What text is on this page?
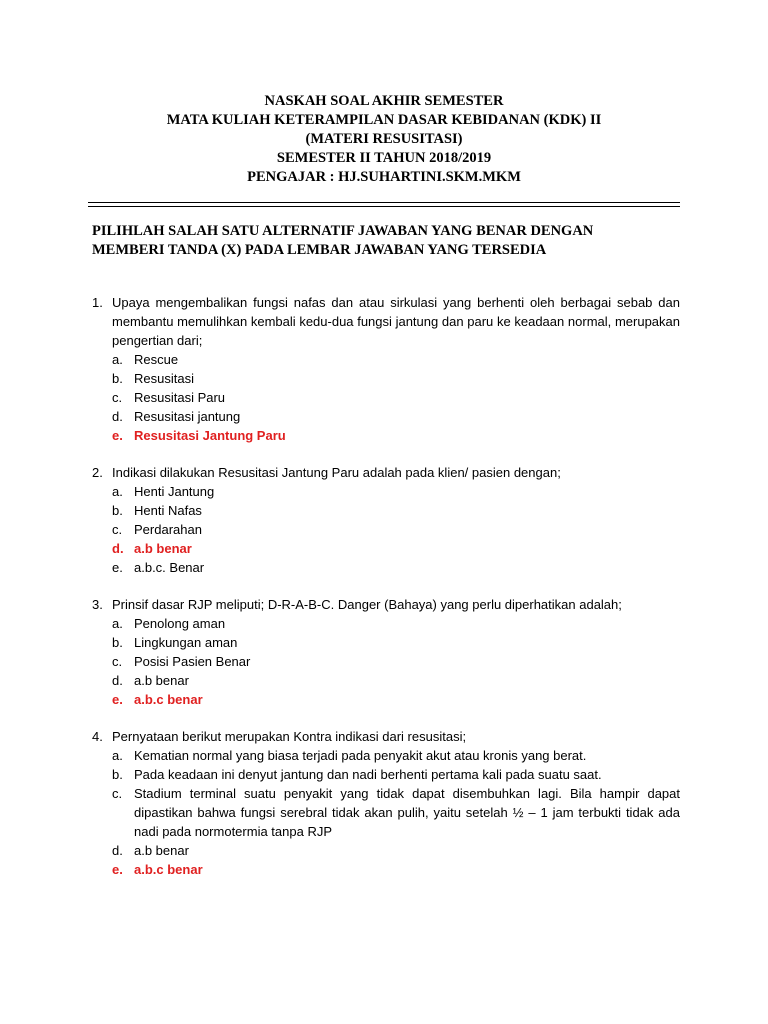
NASKAH SOAL AKHIR SEMESTER
MATA KULIAH KETERAMPILAN DASAR KEBIDANAN (KDK) II
(MATERI RESUSITASI)
SEMESTER II TAHUN 2018/2019
PENGAJAR : HJ.SUHARTINI.SKM.MKM
PILIHLAH SALAH SATU ALTERNATIF JAWABAN YANG BENAR DENGAN
MEMBERI TANDA (X) PADA LEMBAR JAWABAN YANG TERSEDIA
1. Upaya mengembalikan fungsi nafas dan atau sirkulasi yang berhenti oleh berbagai sebab dan membantu memulihkan kembali kedu-dua fungsi jantung dan paru ke keadaan normal, merupakan pengertian dari;
a. Rescue
b. Resusitasi
c. Resusitasi Paru
d. Resusitasi jantung
e. Resusitasi Jantung Paru
2. Indikasi dilakukan Resusitasi Jantung Paru adalah pada klien/ pasien dengan;
a. Henti Jantung
b. Henti Nafas
c. Perdarahan
d. a.b benar
e. a.b.c. Benar
3. Prinsif dasar RJP meliputi; D-R-A-B-C. Danger (Bahaya) yang perlu diperhatikan adalah;
a. Penolong aman
b. Lingkungan aman
c. Posisi Pasien Benar
d. a.b benar
e. a.b.c benar
4. Pernyataan berikut merupakan Kontra indikasi dari resusitasi;
a. Kematian normal yang biasa terjadi pada penyakit akut atau kronis yang berat.
b. Pada keadaan ini denyut jantung dan nadi berhenti pertama kali pada suatu saat.
c. Stadium terminal suatu penyakit yang tidak dapat disembuhkan lagi. Bila hampir dapat dipastikan bahwa fungsi serebral tidak akan pulih, yaitu setelah ½ – 1 jam terbukti tidak ada nadi pada normotermia tanpa RJP
d. a.b benar
e. a.b.c benar
